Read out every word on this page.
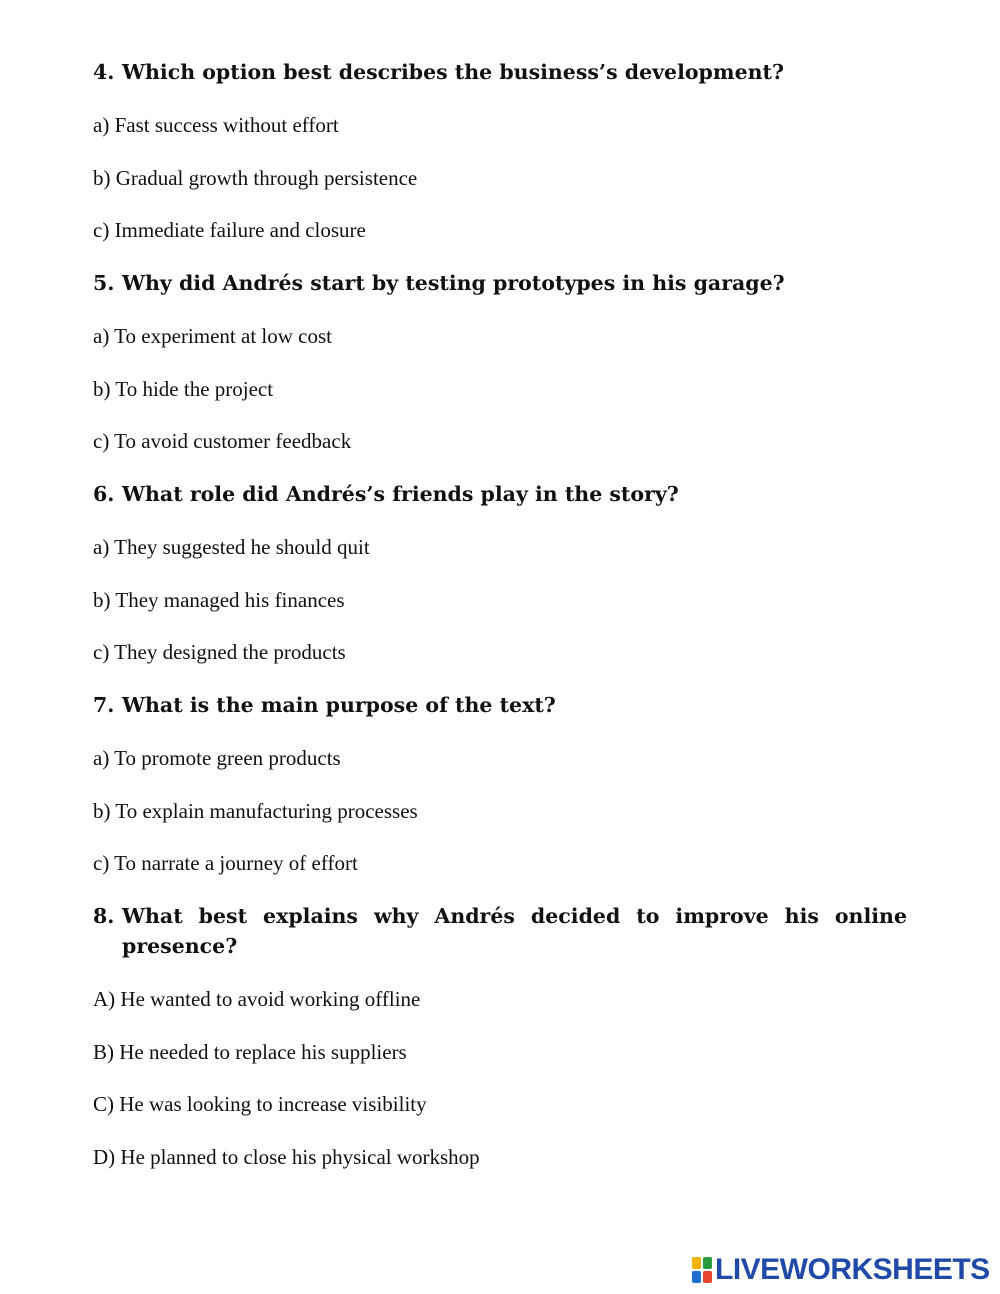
4. Which option best describes the business’s development?
a) Fast success without effort
b) Gradual growth through persistence
c) Immediate failure and closure
5. Why did Andrés start by testing prototypes in his garage?
a) To experiment at low cost
b) To hide the project
c) To avoid customer feedback
6. What role did Andrés’s friends play in the story?
a) They suggested he should quit
b) They managed his finances
c) They designed the products
7. What is the main purpose of the text?
a) To promote green products
b) To explain manufacturing processes
c) To narrate a journey of effort
8. What best explains why Andrés decided to improve his online presence?
A) He wanted to avoid working offline
B) He needed to replace his suppliers
C) He was looking to increase visibility
D) He planned to close his physical workshop
LIVEWORKSHEETS
